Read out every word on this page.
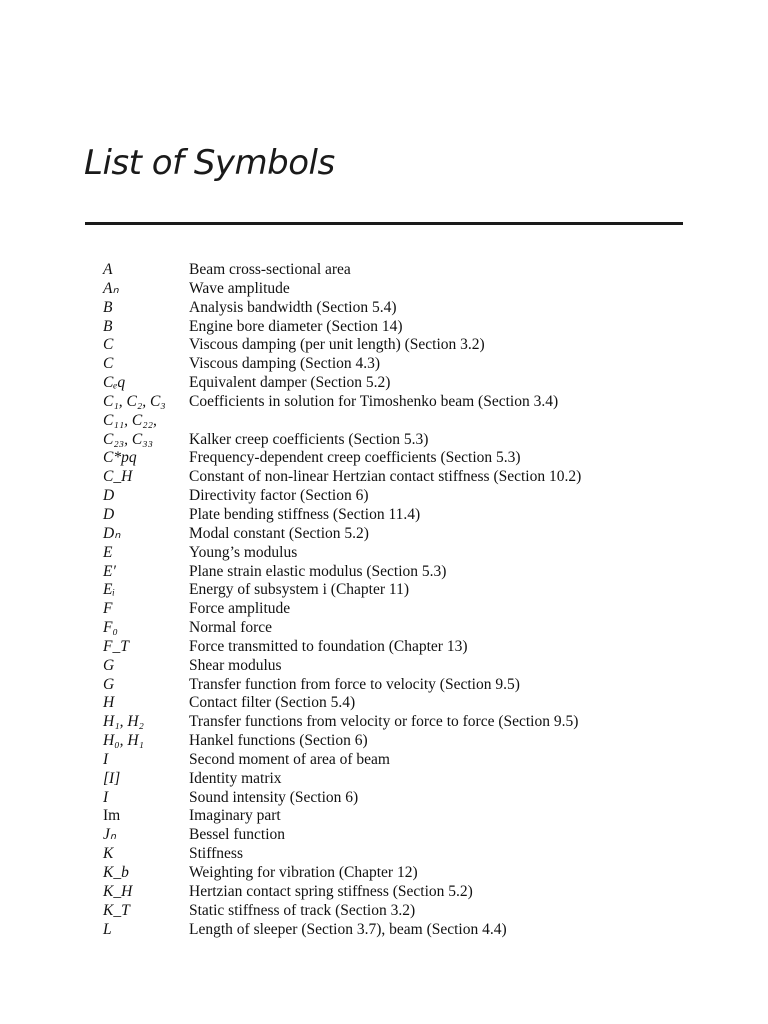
List of Symbols
A	Beam cross-sectional area
Aₙ	Wave amplitude
B	Analysis bandwidth (Section 5.4)
B	Engine bore diameter (Section 14)
C	Viscous damping (per unit length) (Section 3.2)
C	Viscous damping (Section 4.3)
Cₑq	Equivalent damper (Section 5.2)
C₁, C₂, C₃	Coefficients in solution for Timoshenko beam (Section 3.4)
C₁₁, C₂₂,
C₂₃, C₃₃	Kalker creep coefficients (Section 5.3)
C*pq	Frequency-dependent creep coefficients (Section 5.3)
C_H	Constant of non-linear Hertzian contact stiffness (Section 10.2)
D	Directivity factor (Section 6)
D	Plate bending stiffness (Section 11.4)
Dₙ	Modal constant (Section 5.2)
E	Young’s modulus
E′	Plane strain elastic modulus (Section 5.3)
Eᵢ	Energy of subsystem i (Chapter 11)
F	Force amplitude
F₀	Normal force
F_T	Force transmitted to foundation (Chapter 13)
G	Shear modulus
G	Transfer function from force to velocity (Section 9.5)
H	Contact filter (Section 5.4)
H₁, H₂	Transfer functions from velocity or force to force (Section 9.5)
H₀, H₁	Hankel functions (Section 6)
I	Second moment of area of beam
[I]	Identity matrix
I	Sound intensity (Section 6)
Im	Imaginary part
Jₙ	Bessel function
K	Stiffness
K_b	Weighting for vibration (Chapter 12)
K_H	Hertzian contact spring stiffness (Section 5.2)
K_T	Static stiffness of track (Section 3.2)
L	Length of sleeper (Section 3.7), beam (Section 4.4)
